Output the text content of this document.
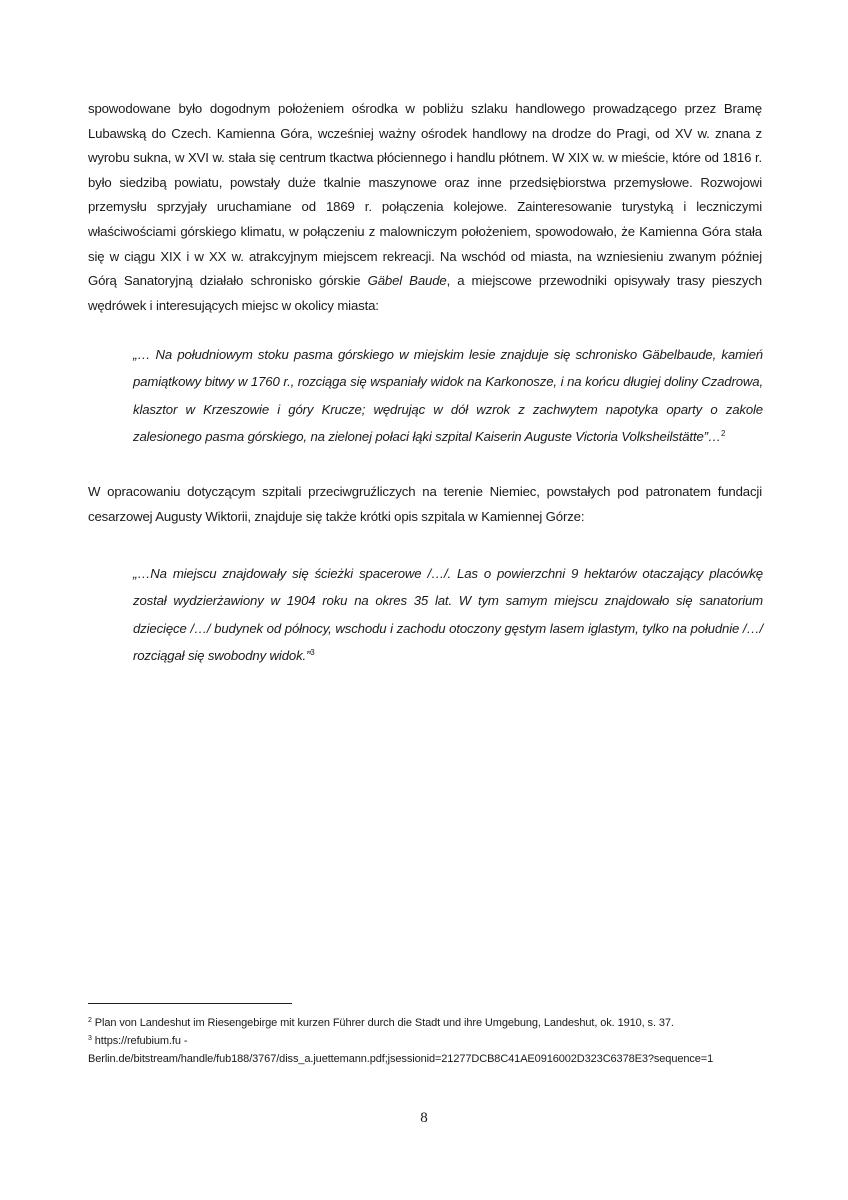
spowodowane było dogodnym położeniem ośrodka w pobliżu szlaku handlowego prowadzącego przez Bramę Lubawską do Czech. Kamienna Góra, wcześniej ważny ośrodek handlowy na drodze do Pragi, od XV w. znana z wyrobu sukna, w XVI w. stała się centrum tkactwa płóciennego i handlu płótnem. W XIX w. w mieście, które od 1816 r. było siedzibą powiatu, powstały duże tkalnie maszynowe oraz inne przedsiębiorstwa przemysłowe. Rozwojowi przemysłu sprzyjały uruchamiane od 1869 r. połączenia kolejowe. Zainteresowanie turystyką i leczniczymi właściwościami górskiego klimatu, w połączeniu z malowniczym położeniem, spowodowało, że Kamienna Góra stała się w ciągu XIX i w XX w. atrakcyjnym miejscem rekreacji. Na wschód od miasta, na wzniesieniu zwanym później Górą Sanatoryjną działało schronisko górskie Gäbel Baude, a miejscowe przewodniki opisywały trasy pieszych wędrówek i interesujących miejsc w okolicy miasta:

„… Na południowym stoku pasma górskiego w miejskim lesie znajduje się schronisko Gäbelbaude, kamień pamiątkowy bitwy w 1760 r., rozciąga się wspaniały widok na Karkonosze, i na końcu długiej doliny Czadrowa, klasztor w Krzeszowie i góry Krucze; wędrując w dół wzrok z zachwytem napotyka oparty o zakole zalesionego pasma górskiego, na zielonej połaci łąki szpital Kaiserin Auguste Victoria Volksheilstätte”…$^2$

W opracowaniu dotyczącym szpitali przeciwgruźliczych na terenie Niemiec, powstałych pod patronatem fundacji cesarzowej Augusty Wiktorii, znajduje się także krótki opis szpitala w Kamiennej Górze:

„…Na miejscu znajdowały się ścieżki spacerowe /…/. Las o powierzchni 9 hektarów otaczający placówkę został wydzierżawiony w 1904 roku na okres 35 lat. W tym samym miejscu znajdowało się sanatorium dziecięce /…/ budynek od północy, wschodu i zachodu otoczony gęstym lasem iglastym, tylko na południe /…/ rozciągał się swobodny widok.”$^3$

$^2$ Plan von Landeshut im Riesengebirge mit kurzen Führer durch die Stadt und ihre Umgebung, Landeshut, ok. 1910, s. 37.
$^3$ https://refubium.fu -
Berlin.de/bitstream/handle/fub188/3767/diss_a.juettemann.pdf;jsessionid=21277DCB8C41AE0916002D323C6378E3?sequence=1
8
